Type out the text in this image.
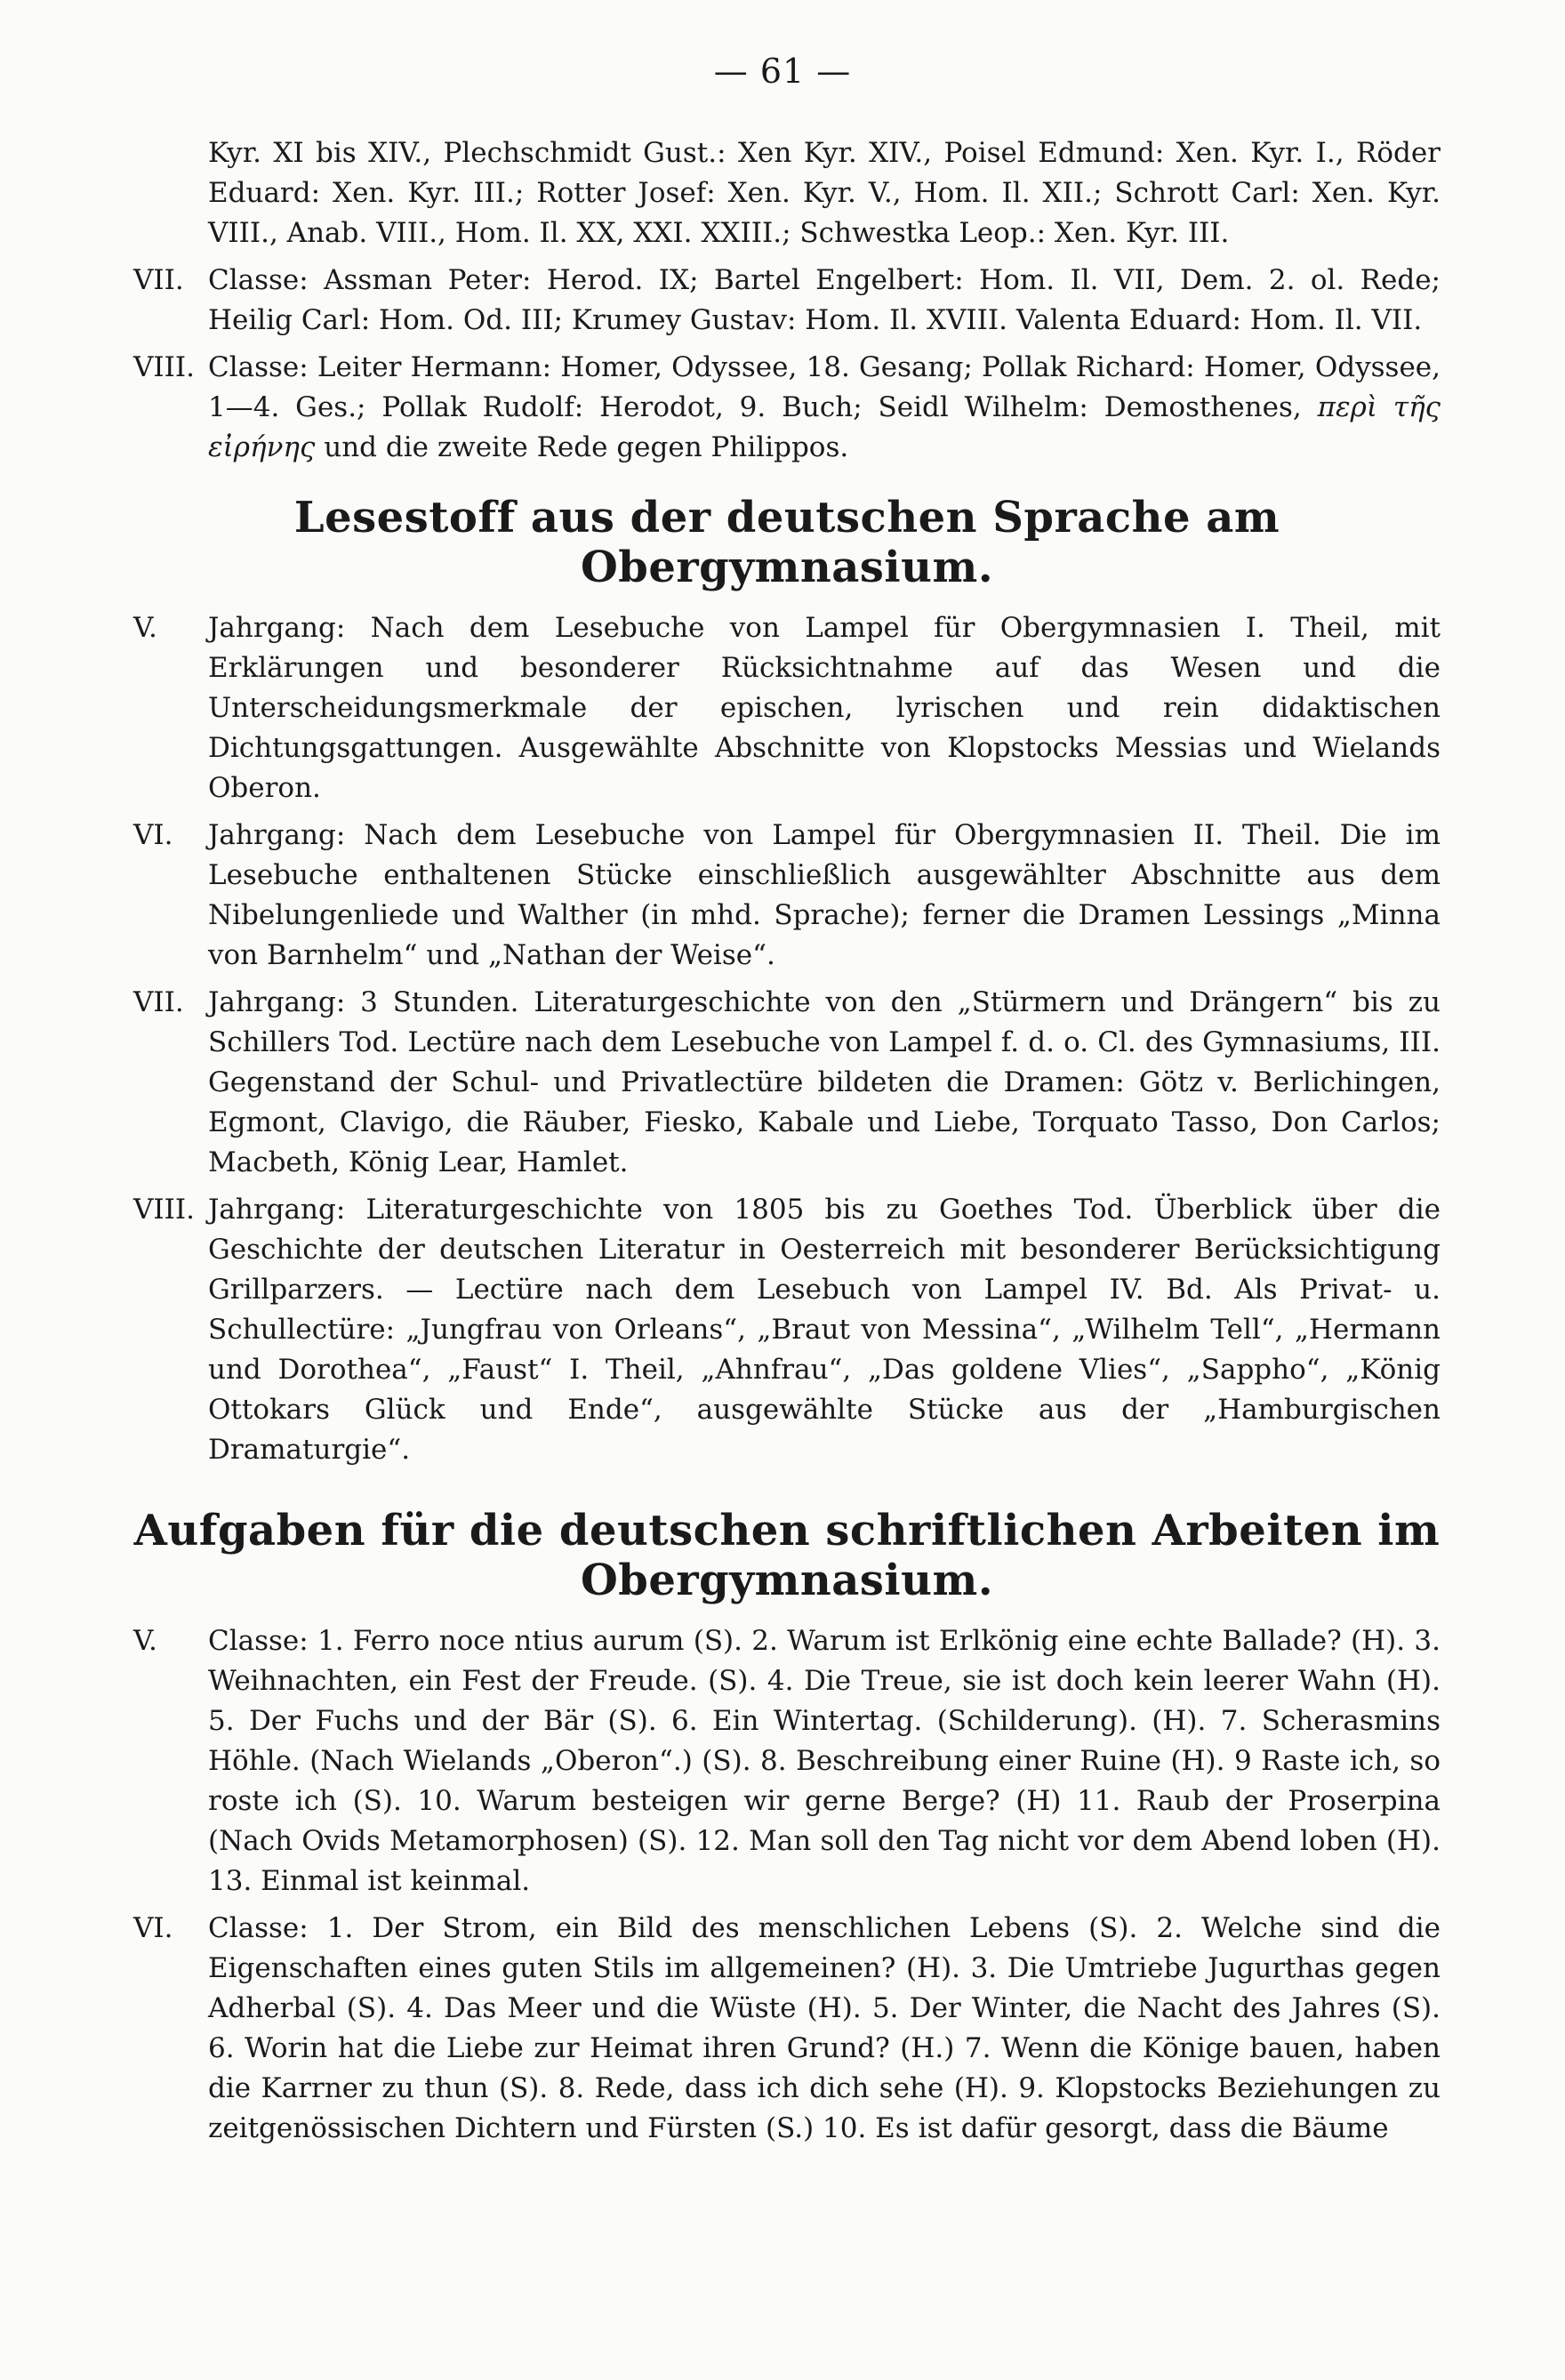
— 61 —

Kyr. XI bis XIV., Plechschmidt Gust.: Xen Kyr. XIV., Poisel Edmund: Xen. Kyr. I., Röder Eduard: Xen. Kyr. III.; Rotter Josef: Xen. Kyr. V., Hom. Il. XII.; Schrott Carl: Xen. Kyr. VIII., Anab. VIII., Hom. Il. XX, XXI. XXIII.; Schwestka Leop.: Xen. Kyr. III.

VII. Classe: Assman Peter: Herod. IX; Bartel Engelbert: Hom. Il. VII, Dem. 2. ol. Rede; Heilig Carl: Hom. Od. III; Krumey Gustav: Hom. Il. XVIII. Valenta Eduard: Hom. Il. VII.

VIII. Classe: Leiter Hermann: Homer, Odyssee, 18. Gesang; Pollak Richard: Homer, Odyssee, 1—4. Ges.; Pollak Rudolf: Herodot, 9. Buch; Seidl Wilhelm: Demosthenes, περὶ τῆς εἰρήνης und die zweite Rede gegen Philippos.

Lesestoff aus der deutschen Sprache am Obergymnasium.

V. Jahrgang: Nach dem Lesebuche von Lampel für Obergymnasien I. Theil, mit Erklärungen und besonderer Rücksichtnahme auf das Wesen und die Unterscheidungsmerkmale der epischen, lyrischen und rein didaktischen Dichtungsgattungen. Ausgewählte Abschnitte von Klopstocks Messias und Wielands Oberon.

VI. Jahrgang: Nach dem Lesebuche von Lampel für Obergymnasien II. Theil. Die im Lesebuche enthaltenen Stücke einschließlich ausgewählter Abschnitte aus dem Nibelungenliede und Walther (in mhd. Sprache); ferner die Dramen Lessings „Minna von Barnhelm“ und „Nathan der Weise“.

VII. Jahrgang: 3 Stunden. Literaturgeschichte von den „Stürmern und Drängern“ bis zu Schillers Tod. Lectüre nach dem Lesebuche von Lampel f. d. o. Cl. des Gymnasiums, III. Gegenstand der Schul- und Privatlectüre bildeten die Dramen: Götz v. Berlichingen, Egmont, Clavigo, die Räuber, Fiesko, Kabale und Liebe, Torquato Tasso, Don Carlos; Macbeth, König Lear, Hamlet.

VIII. Jahrgang: Literaturgeschichte von 1805 bis zu Goethes Tod. Überblick über die Geschichte der deutschen Literatur in Oesterreich mit besonderer Berücksichtigung Grillparzers. — Lectüre nach dem Lesebuch von Lampel IV. Bd. Als Privat- u. Schullectüre: „Jungfrau von Orleans“, „Braut von Messina“, „Wilhelm Tell“, „Hermann und Dorothea“, „Faust“ I. Theil, „Ahnfrau“, „Das goldene Vlies“, „Sappho“, „König Ottokars Glück und Ende“, ausgewählte Stücke aus der „Hamburgischen Dramaturgie“.

Aufgaben für die deutschen schriftlichen Arbeiten im
Obergymnasium.

V. Classe: 1. Ferro noce ntius aurum (S). 2. Warum ist Erlkönig eine echte Ballade? (H). 3. Weihnachten, ein Fest der Freude. (S). 4. Die Treue, sie ist doch kein leerer Wahn (H). 5. Der Fuchs und der Bär (S). 6. Ein Wintertag. (Schilderung). (H). 7. Scherasmins Höhle. (Nach Wielands „Oberon“.) (S). 8. Beschreibung einer Ruine (H). 9 Raste ich, so roste ich (S). 10. Warum besteigen wir gerne Berge? (H) 11. Raub der Proserpina (Nach Ovids Metamorphosen) (S). 12. Man soll den Tag nicht vor dem Abend loben (H). 13. Einmal ist keinmal.

VI. Classe: 1. Der Strom, ein Bild des menschlichen Lebens (S). 2. Welche sind die Eigenschaften eines guten Stils im allgemeinen? (H). 3. Die Umtriebe Jugurthas gegen Adherbal (S). 4. Das Meer und die Wüste (H). 5. Der Winter, die Nacht des Jahres (S). 6. Worin hat die Liebe zur Heimat ihren Grund? (H.) 7. Wenn die Könige bauen, haben die Karrner zu thun (S). 8. Rede, dass ich dich sehe (H). 9. Klopstocks Beziehungen zu zeitgenössischen Dichtern und Fürsten (S.) 10. Es ist dafür gesorgt, dass die Bäume
